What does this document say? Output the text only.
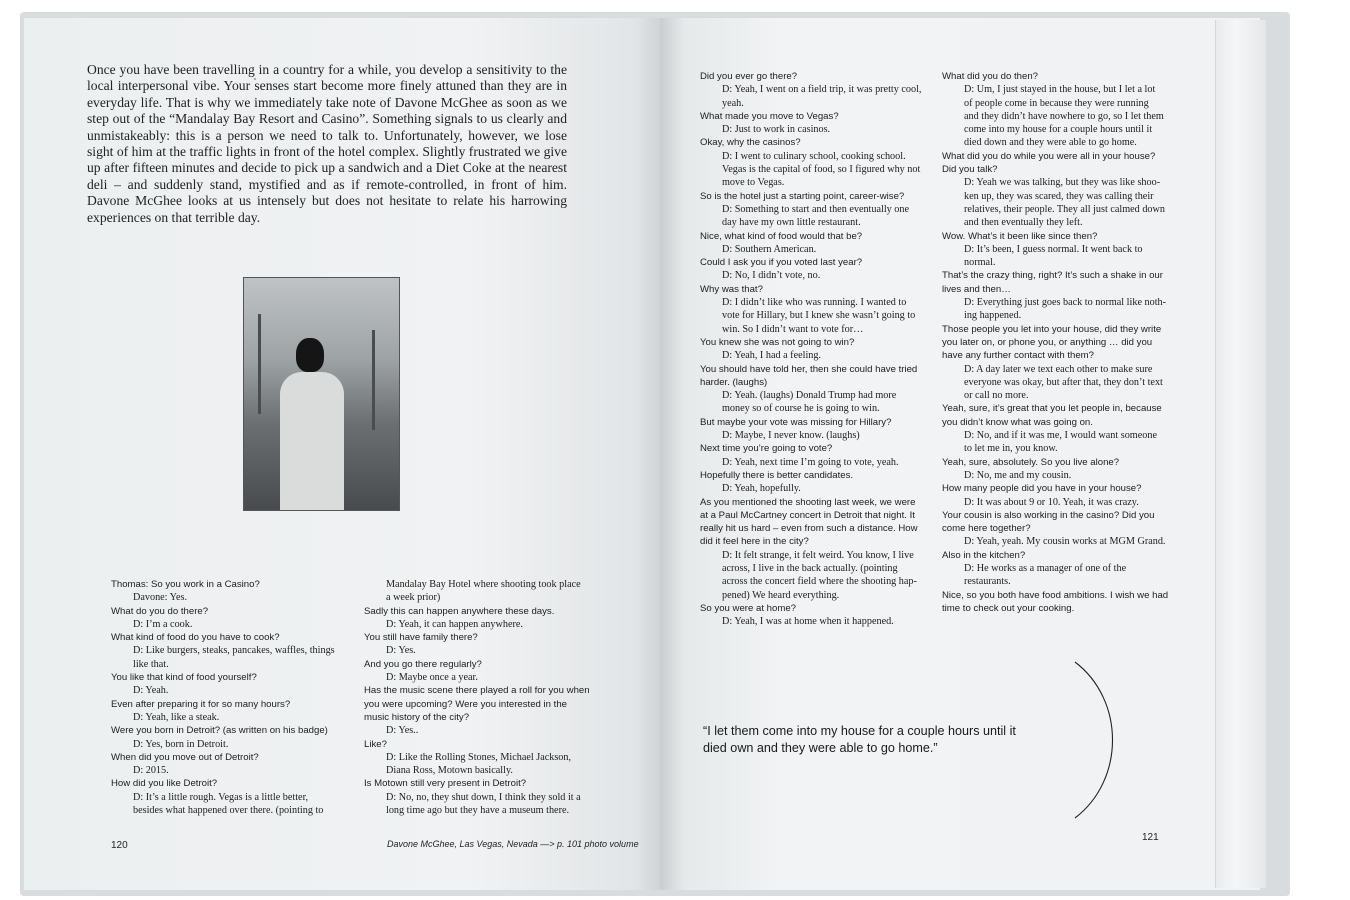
Once you have been travelling in a country for a while, you develop a sensitivity to the local interpersonal vibe. Your senses start become more finely attuned than they are in everyday life. That is why we immediately take note of Davone McGhee as soon as we step out of the “Mandalay Bay Resort and Casino”. Something signals to us clearly and unmistakeably: this is a person we need to talk to. Unfortunately, however, we lose sight of him at the traffic lights in front of the hotel complex. Slightly frustrated we give up after fifteen minutes and decide to pick up a sandwich and a Diet Coke at the nearest deli – and suddenly stand, mystified and as if remote-controlled, in front of him. Davone McGhee looks at us intensely but does not hesitate to relate his harrowing experiences on that terrible day.

Thomas: So you work in a Casino?
Davone: Yes.
What do you do there?
D: I’m a cook.
What kind of food do you have to cook?
D: Like burgers, steaks, pancakes, waffles, things
like that.
You like that kind of food yourself?
D: Yeah.
Even after preparing it for so many hours?
D: Yeah, like a steak.
Were you born in Detroit? (as written on his badge)
D: Yes, born in Detroit.
When did you move out of Detroit?
D: 2015.
How did you like Detroit?
D: It’s a little rough. Vegas is a little better,
besides what happened over there. (pointing to
Mandalay Bay Hotel where shooting took place
a week prior)
Sadly this can happen anywhere these days.
D: Yeah, it can happen anywhere.
You still have family there?
D: Yes.
And you go there regularly?
D: Maybe once a year.
Has the music scene there played a roll for you when
you were upcoming? Were you interested in the
music history of the city?
D: Yes..
Like?
D: Like the Rolling Stones, Michael Jackson,
Diana Ross, Motown basically.
Is Motown still very present in Detroit?
D: No, no, they shut down, I think they sold it a
long time ago but they have a museum there.
Did you ever go there?
D: Yeah, I went on a field trip, it was pretty cool,
yeah.
What made you move to Vegas?
D: Just to work in casinos.
Okay, why the casinos?
D: I went to culinary school, cooking school.
Vegas is the capital of food, so I figured why not
move to Vegas.
So is the hotel just a starting point, career-wise?
D: Something to start and then eventually one
day have my own little restaurant.
Nice, what kind of food would that be?
D: Southern American.
Could I ask you if you voted last year?
D: No, I didn’t vote, no.
Why was that?
D: I didn’t like who was running. I wanted to
vote for Hillary, but I knew she wasn’t going to
win. So I didn’t want to vote for…
You knew she was not going to win?
D: Yeah, I had a feeling.
You should have told her, then she could have tried
harder. (laughs)
D: Yeah. (laughs) Donald Trump had more
money so of course he is going to win.
But maybe your vote was missing for Hillary?
D: Maybe, I never know. (laughs)
Next time you’re going to vote?
D: Yeah, next time I’m going to vote, yeah.
Hopefully there is better candidates.
D: Yeah, hopefully.
As you mentioned the shooting last week, we were
at a Paul McCartney concert in Detroit that night. It
really hit us hard – even from such a distance. How
did it feel here in the city?
D: It felt strange, it felt weird. You know, I live
across, I live in the back actually. (pointing
across the concert field where the shooting hap-
pened) We heard everything.
So you were at home?
D: Yeah, I was at home when it happened.
What did you do then?
D: Um, I just stayed in the house, but I let a lot
of people come in because they were running
and they didn’t have nowhere to go, so I let them
come into my house for a couple hours until it
died down and they were able to go home.
What did you do while you were all in your house?
Did you talk?
D: Yeah we was talking, but they was like shoo-
ken up, they was scared, they was calling their
relatives, their people. They all just calmed down
and then eventually they left.
Wow. What’s it been like since then?
D: It’s been, I guess normal. It went back to
normal.
That’s the crazy thing, right? It’s such a shake in our
lives and then…
D: Everything just goes back to normal like noth-
ing happened.
Those people you let into your house, did they write
you later on, or phone you, or anything … did you
have any further contact with them?
D: A day later we text each other to make sure
everyone was okay, but after that, they don’t text
or call no more.
Yeah, sure, it’s great that you let people in, because
you didn’t know what was going on.
D: No, and if it was me, I would want someone
to let me in, you know.
Yeah, sure, absolutely. So you live alone?
D: No, me and my cousin.
How many people did you have in your house?
D: It was about 9 or 10. Yeah, it was crazy.
Your cousin is also working in the casino? Did you
come here together?
D: Yeah, yeah. My cousin works at MGM Grand.
Also in the kitchen?
D: He works as a manager of one of the
restaurants.
Nice, so you both have food ambitions. I wish we had
time to check out your cooking.
120	Davone McGhee, Las Vegas, Nevada —> p. 101 photo volume
121
“I let them come into my house for a couple hours until it died own and they were able to go home.”
